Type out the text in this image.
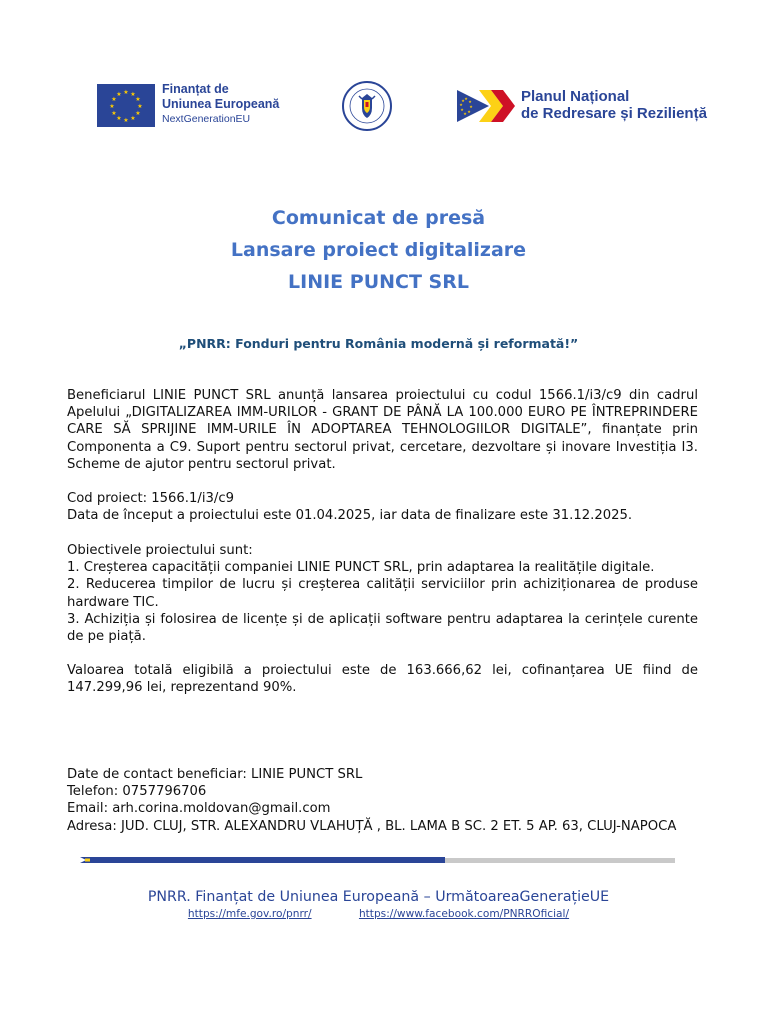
★ ★
★
★
★
★
★
★
★
★
★
★	Finanțat de
Uniunea Europeană
NextGenerationEU
★
★
★
★
★
★
★
★	Planul Național
de Redresare și Reziliență
Comunicat de presă
Lansare proiect digitalizare
LINIE PUNCT SRL
„PNRR: Fonduri pentru România modernă și reformată!”
Beneficiarul LINIE PUNCT SRL anunță lansarea proiectului cu codul 1566.1/i3/c9 din cadrul
Apelului „DIGITALIZAREA IMM-URILOR - GRANT DE PÂNĂ LA 100.000 EURO PE ÎNTREPRINDERE
CARE SĂ SPRIJINE IMM-URILE ÎN ADOPTAREA TEHNOLOGIILOR DIGITALE”, finanțate prin
Componenta a C9. Suport pentru sectorul privat, cercetare, dezvoltare și inovare Investiția I3.
Scheme de ajutor pentru sectorul privat.
Cod proiect: 1566.1/i3/c9
Data de început a proiectului este 01.04.2025, iar data de finalizare este 31.12.2025.
Obiectivele proiectului sunt:
1. Creșterea capacității companiei LINIE PUNCT SRL, prin adaptarea la realitățile digitale.
2. Reducerea timpilor de lucru și creșterea calității serviciilor prin achiziționarea de produse
hardware TIC.
3. Achiziția și folosirea de licențe și de aplicații software pentru adaptarea la cerințele curente
de pe piață.
Valoarea totală eligibilă a proiectului este de 163.666,62 lei, cofinanțarea UE fiind de
147.299,96 lei, reprezentand 90%.
Date de contact beneficiar: LINIE PUNCT SRL
Telefon: 0757796706
Email: arh.corina.moldovan@gmail.com
Adresa: JUD. CLUJ, STR. ALEXANDRU VLAHUȚĂ , BL. LAMA B SC. 2 ET. 5 AP. 63, CLUJ-NAPOCA
PNRR. Finanțat de Uniunea Europeană – UrmătoareaGenerațieUE
https://mfe.gov.ro/pnrr/	https://www.facebook.com/PNRROficial/
